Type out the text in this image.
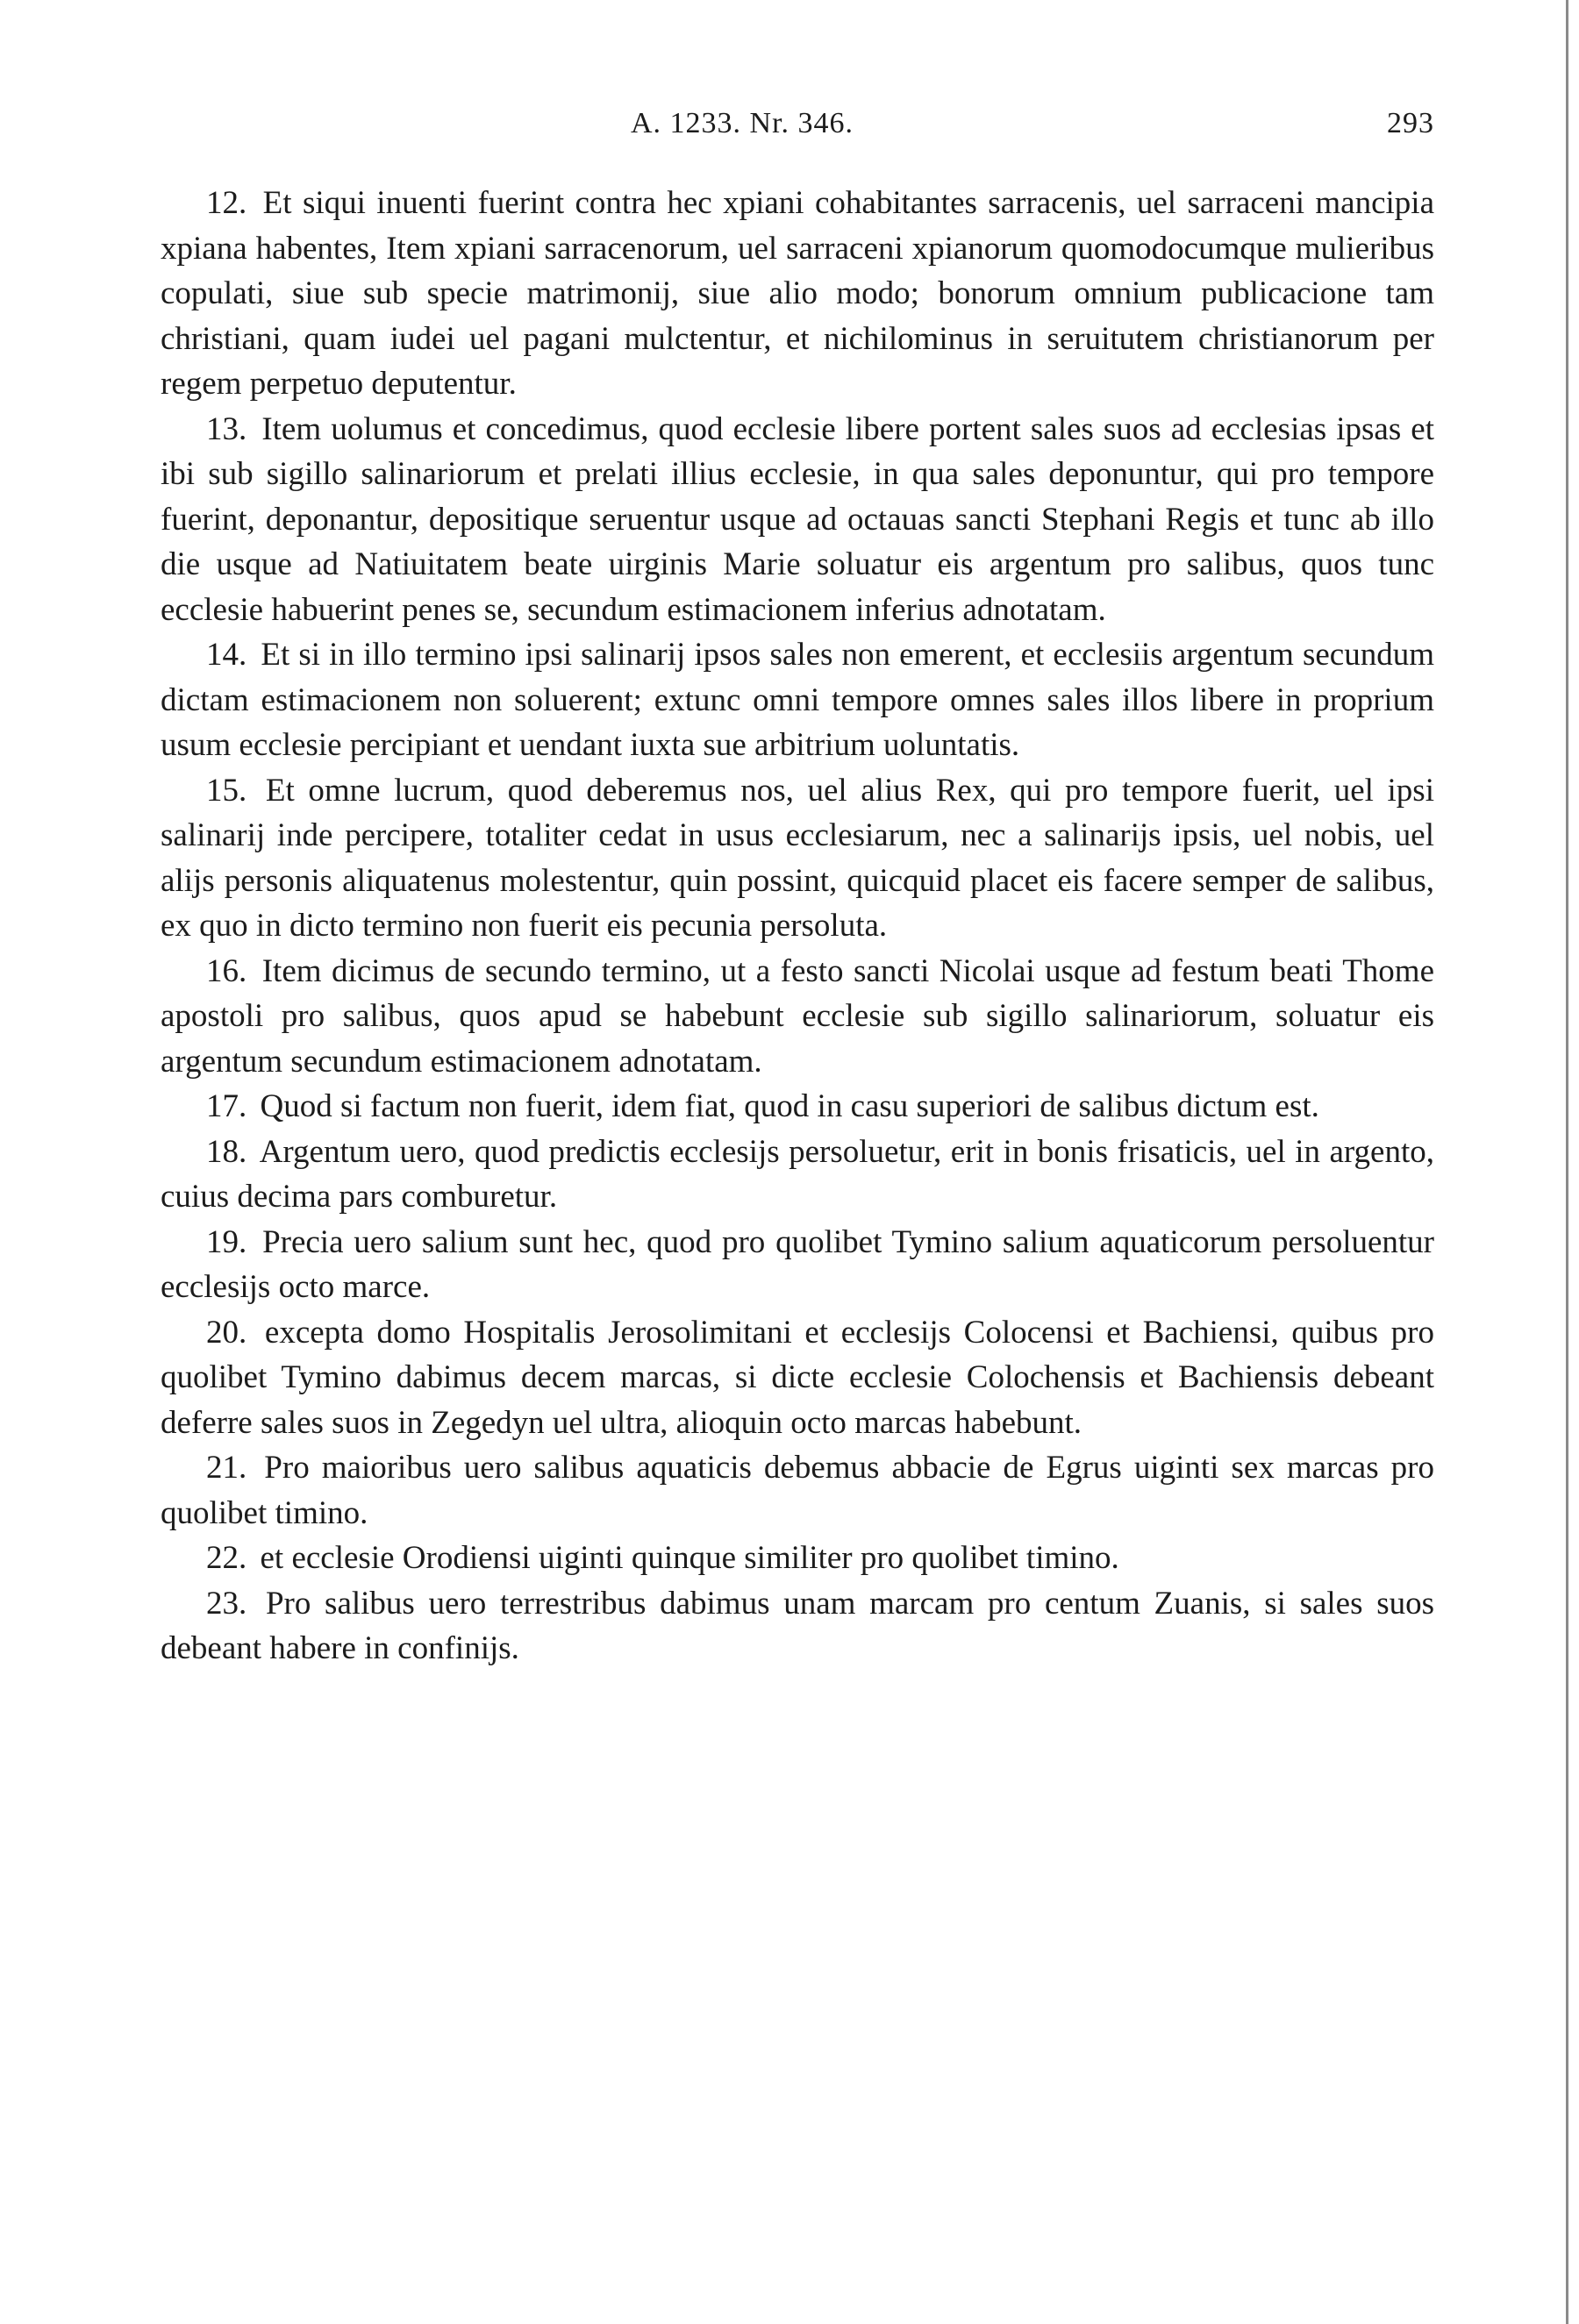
A. 1233. Nr. 346.	293

12. Et siqui inuenti fuerint contra hec xpiani cohabitantes sarracenis, uel sarraceni mancipia xpiana habentes, Item xpiani sarracenorum, uel sarraceni xpianorum quomodocumque mulieribus copulati, siue sub specie matrimonij, siue alio modo; bonorum omnium publicacione tam christiani, quam iudei uel pagani mulctentur, et nichilominus in seruitutem christianorum per regem perpetuo deputentur.

13. Item uolumus et concedimus, quod ecclesie libere portent sales suos ad ecclesias ipsas et ibi sub sigillo salinariorum et prelati illius ecclesie, in qua sales deponuntur, qui pro tempore fuerint, deponantur, depositique seruentur usque ad octauas sancti Stephani Regis et tunc ab illo die usque ad Natiuitatem beate uirginis Marie soluatur eis argentum pro salibus, quos tunc ecclesie habuerint penes se, secundum estimacionem inferius adnotatam.

14. Et si in illo termino ipsi salinarij ipsos sales non emerent, et ecclesiis argentum secundum dictam estimacionem non soluerent; extunc omni tempore omnes sales illos libere in proprium usum ecclesie percipiant et uendant iuxta sue arbitrium uoluntatis.

15. Et omne lucrum, quod deberemus nos, uel alius Rex, qui pro tempore fuerit, uel ipsi salinarij inde percipere, totaliter cedat in usus ecclesiarum, nec a salinarijs ipsis, uel nobis, uel alijs personis aliquatenus molestentur, quin possint, quicquid placet eis facere semper de salibus, ex quo in dicto termino non fuerit eis pecunia persoluta.

16. Item dicimus de secundo termino, ut a festo sancti Nicolai usque ad festum beati Thome apostoli pro salibus, quos apud se habebunt ecclesie sub sigillo salinariorum, soluatur eis argentum secundum estimacionem adnotatam.

17. Quod si factum non fuerit, idem fiat, quod in casu superiori de salibus dictum est.

18. Argentum uero, quod predictis ecclesijs persoluetur, erit in bonis frisaticis, uel in argento, cuius decima pars comburetur.

19. Precia uero salium sunt hec, quod pro quolibet Tymino salium aquaticorum persoluentur ecclesijs octo marce.

20. excepta domo Hospitalis Jerosolimitani et ecclesijs Colocensi et Bachiensi, quibus pro quolibet Tymino dabimus decem marcas, si dicte ecclesie Colochensis et Bachiensis debeant deferre sales suos in Zegedyn uel ultra, alioquin octo marcas habebunt.

21. Pro maioribus uero salibus aquaticis debemus abbacie de Egrus uiginti sex marcas pro quolibet timino.

22. et ecclesie Orodiensi uiginti quinque similiter pro quolibet timino.

23. Pro salibus uero terrestribus dabimus unam marcam pro centum Zuanis, si sales suos debeant habere in confinijs.
